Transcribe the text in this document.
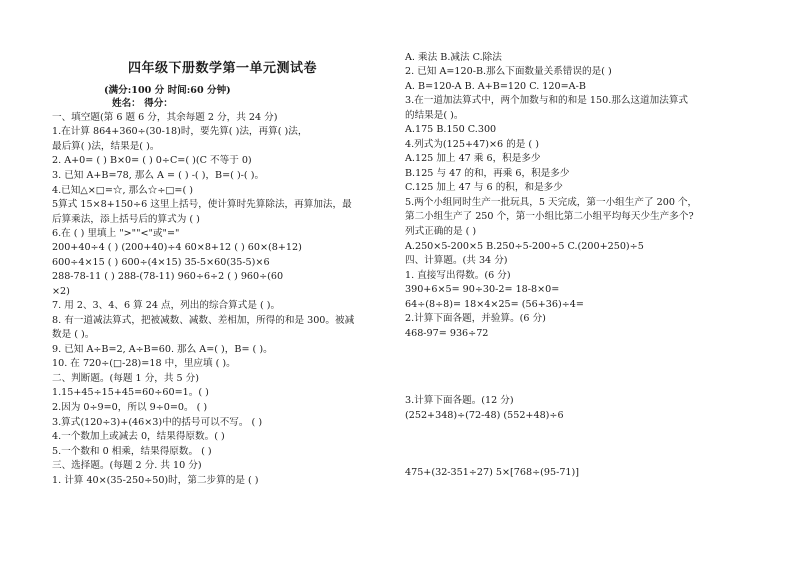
四年级下册数学第一单元测试卷
(满分:100 分 时间:60 分钟)
姓名： 得分：
一、填空题(第 6 题 6 分，其余每题 2 分，共 24 分)
1.在计算 864+360÷(30-18)时，要先算( )法，再算( )法，
最后算( )法，结果是( )。
2. A+0= ( ) B×0= ( ) 0÷C=( )(C 不等于 0)
3. 已知 A+B=78, 那么 A = ( ) -( )，B=( )-( )。
4.已知△×□=☆, 那么☆÷□=( )
5算式 15×8+150÷6 这里上括号，使计算时先算除法，再算加法，最
后算乘法，添上括号后的算式为 ( )
6.在 ( ) 里填上 ">""<"或"="
200+40÷4 ( ) (200+40)÷4 60×8+12 ( ) 60×(8+12)
600÷4×15 ( ) 600÷(4×15) 35-5×60(35-5)×6
288-78-11 ( ) 288-(78-11) 960÷6÷2 ( ) 960÷(60
×2)
7. 用 2、3、4、6 算 24 点，列出的综合算式是 ( )。
8. 有一道减法算式，把被减数、减数、差相加，所得的和是 300。被减
数是 ( )。
9. 已知 A÷B=2, A÷B=60. 那么 A=( )，B= ( )。
10. 在 720÷(□-28)=18 中，里应填 ( )。
二、判断题。(每题 1 分，共 5 分)
1.15+45÷15+45=60÷60=1。( )
2.因为 0÷9=0，所以 9÷0=0。 ( )
3.算式(120÷3)+(46×3)中的括号可以不写。 ( )
4.一个数加上或减去 0，结果得原数。( )
5.一个数和 0 相乘，结果得原数。 ( )
三、选择题。(每题 2 分. 共 10 分)
1. 计算 40×(35-250÷50)时，第二步算的是 ( )
A. 乘法 B.减法 C.除法
2. 已知 A=120-B.那么下面数量关系错误的是( )
A. B=120-A B. A+B=120 C. 120=A-B
3.在一道加法算式中，两个加数与和的和是 150.那么这道加法算式
的结果是( )。
A.175 B.150 C.300
4.列式为(125+47)×6 的是 ( )
A.125 加上 47 乘 6，积是多少
B.125 与 47 的和，再乘 6，积是多少
C.125 加上 47 与 6 的积，和是多少
5.两个小组同时生产一批玩具，5 天完成，第一小组生产了 200 个，
第二小组生产了 250 个，第一小组比第二小组平均每天少生产多个?
列式正确的是 ( )
A.250×5-200×5 B.250÷5-200÷5 C.(200+250)÷5
四、计算题。(共 34 分)
1. 直接写出得数。(6 分)
390+6×5= 90÷30-2= 18-8×0=
64÷(8÷8)= 18×4×25= (56+36)÷4=
2.计算下面各题，并验算。(6 分)
468-97= 936÷72
3.计算下面各题。(12 分)
(252+348)÷(72-48) (552+48)÷6
475+(32-351÷27) 5×[768÷(95-71)]
